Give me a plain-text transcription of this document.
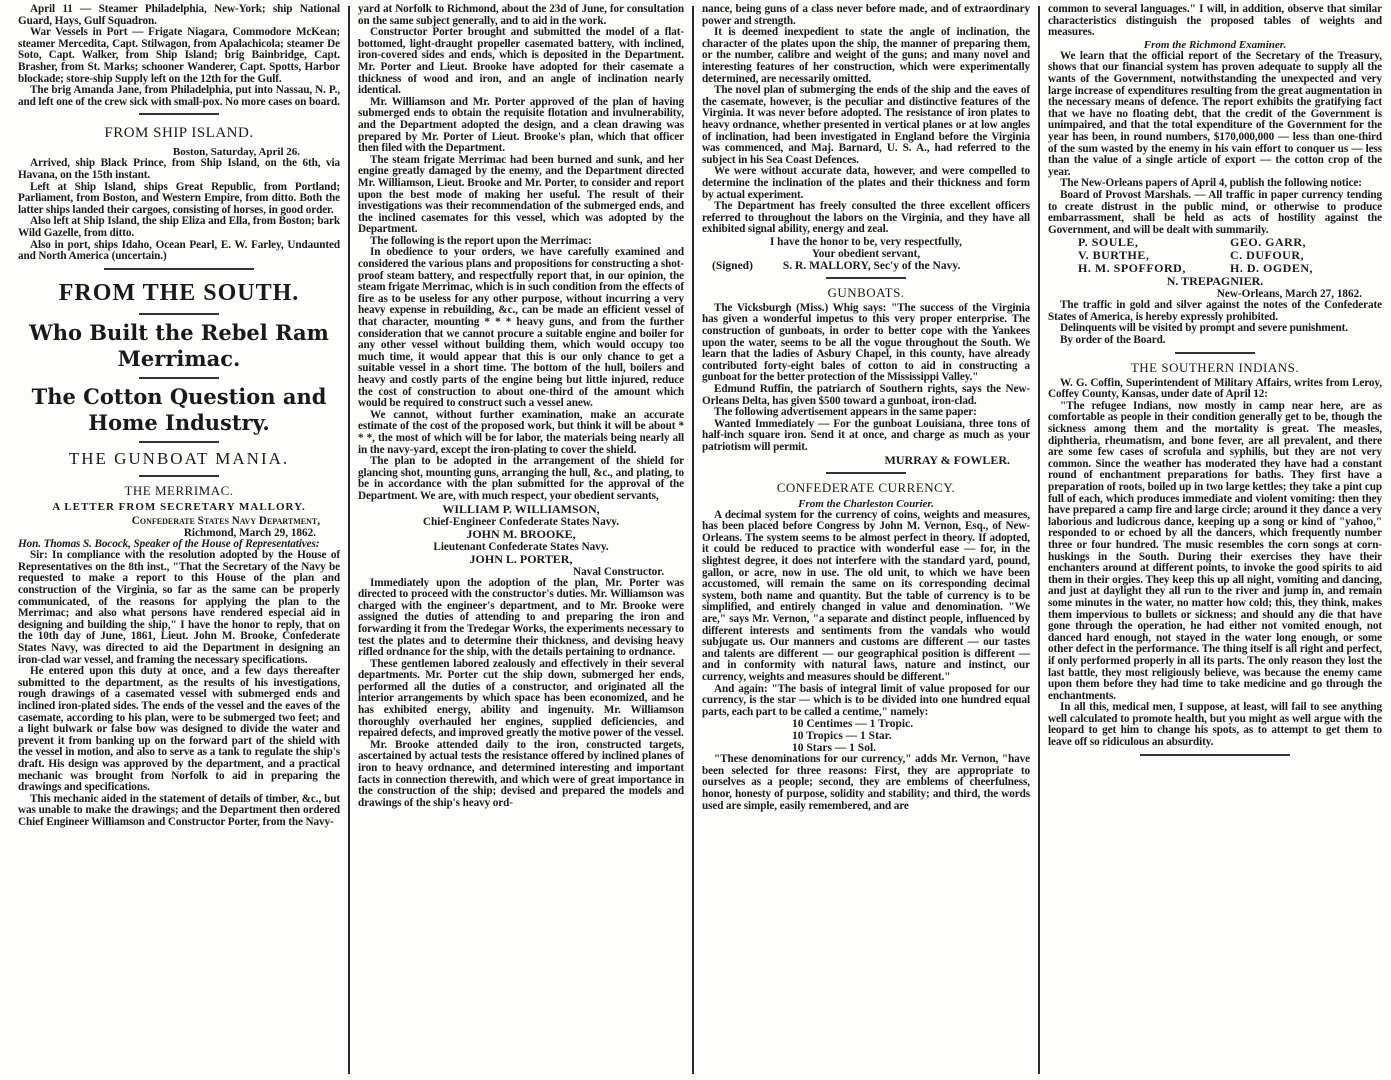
April 11 — Steamer Philadelphia, New-York; ship National Guard, Hays, Gulf Squadron.

War Vessels in Port — Frigate Niagara, Commodore McKean; steamer Mercedita, Capt. Stilwagon, from Apalachicola; steamer De Soto, Capt. Walker, from Ship Island; brig Bainbridge, Capt. Brasher, from St. Marks; schooner Wanderer, Capt. Spotts, Harbor blockade; store-ship Supply left on the 12th for the Gulf.

The brig Amanda Jane, from Philadelphia, put into Nassau, N. P., and left one of the crew sick with small-pox. No more cases on board.

FROM SHIP ISLAND.
Boston, Saturday, April 26.

Arrived, ship Black Prince, from Ship Island, on the 6th, via Havana, on the 15th instant.

Left at Ship Island, ships Great Republic, from Portland; Parliament, from Boston, and Western Empire, from ditto. Both the latter ships landed their cargoes, consisting of horses, in good order.

Also left at Ship Island, the ship Eliza and Ella, from Boston; bark Wild Gazelle, from ditto.

Also in port, ships Idaho, Ocean Pearl, E. W. Farley, Undaunted and North America (uncertain.)

FROM THE SOUTH.
Who Built the Rebel Ram Merrimac.
The Cotton Question and Home Industry.
THE GUNBOAT MANIA.
THE MERRIMAC.
A LETTER FROM SECRETARY MALLORY.
Confederate States Navy Department,
Richmond, March 29, 1862.

Hon. Thomas S. Bocock, Speaker of the House of Representatives:

Sir: In compliance with the resolution adopted by the House of Representatives on the 8th inst., "That the Secretary of the Navy be requested to make a report to this House of the plan and construction of the Virginia, so far as the same can be properly communicated, of the reasons for applying the plan to the Merrimac; and also what persons have rendered especial aid in designing and building the ship," I have the honor to reply, that on the 10th day of June, 1861, Lieut. John M. Brooke, Confederate States Navy, was directed to aid the Department in designing an iron-clad war vessel, and framing the necessary specifications.

He entered upon this duty at once, and a few days thereafter submitted to the department, as the results of his investigations, rough drawings of a casemated vessel with submerged ends and inclined iron-plated sides. The ends of the vessel and the eaves of the casemate, according to his plan, were to be submerged two feet; and a light bulwark or false bow was designed to divide the water and prevent it from banking up on the forward part of the shield with the vessel in motion, and also to serve as a tank to regulate the ship's draft. His design was approved by the department, and a practical mechanic was brought from Norfolk to aid in preparing the drawings and specifications.

This mechanic aided in the statement of details of timber, &c., but was unable to make the drawings; and the Department then ordered Chief Engineer Williamson and Constructor Porter, from the Navy-

yard at Norfolk to Richmond, about the 23d of June, for consultation on the same subject generally, and to aid in the work.

Constructor Porter brought and submitted the model of a flat-bottomed, light-draught propeller casemated battery, with inclined, iron-covered sides and ends, which is deposited in the Department. Mr. Porter and Lieut. Brooke have adopted for their casemate a thickness of wood and iron, and an angle of inclination nearly identical.

Mr. Williamson and Mr. Porter approved of the plan of having submerged ends to obtain the requisite flotation and invulnerability, and the Department adopted the design, and a clean drawing was prepared by Mr. Porter of Lieut. Brooke's plan, which that officer then filed with the Department.

The steam frigate Merrimac had been burned and sunk, and her engine greatly damaged by the enemy, and the Department directed Mr. Williamson, Lieut. Brooke and Mr. Porter, to consider and report upon the best mode of making her useful. The result of their investigations was their recommendation of the submerged ends, and the inclined casemates for this vessel, which was adopted by the Department.

The following is the report upon the Merrimac:

In obedience to your orders, we have carefully examined and considered the various plans and propositions for constructing a shot-proof steam battery, and respectfully report that, in our opinion, the steam frigate Merrimac, which is in such condition from the effects of fire as to be useless for any other purpose, without incurring a very heavy expense in rebuilding, &c., can be made an efficient vessel of that character, mounting * * * heavy guns, and from the further consideration that we cannot procure a suitable engine and boiler for any other vessel without building them, which would occupy too much time, it would appear that this is our only chance to get a suitable vessel in a short time. The bottom of the hull, boilers and heavy and costly parts of the engine being but little injured, reduce the cost of construction to about one-third of the amount which would be required to construct such a vessel anew.

We cannot, without further examination, make an accurate estimate of the cost of the proposed work, but think it will be about * * *, the most of which will be for labor, the materials being nearly all in the navy-yard, except the iron-plating to cover the shield.

The plan to be adopted in the arrangement of the shield for glancing shot, mounting guns, arranging the hull, &c., and plating, to be in accordance with the plan submitted for the approval of the Department. We are, with much respect, your obedient servants,

WILLIAM P. WILLIAMSON,
Chief-Engineer Confederate States Navy.
JOHN M. BROOKE,
Lieutenant Confederate States Navy.
JOHN L. PORTER,
Naval Constructor.

Immediately upon the adoption of the plan, Mr. Porter was directed to proceed with the constructor's duties. Mr. Williamson was charged with the engineer's department, and to Mr. Brooke were assigned the duties of attending to and preparing the iron and forwarding it from the Tredegar Works, the experiments necessary to test the plates and to determine their thickness, and devising heavy rifled ordnance for the ship, with the details pertaining to ordnance.

These gentlemen labored zealously and effectively in their several departments. Mr. Porter cut the ship down, submerged her ends, performed all the duties of a constructor, and originated all the interior arrangements by which space has been economized, and he has exhibited energy, ability and ingenuity. Mr. Williamson thoroughly overhauled her engines, supplied deficiencies, and repaired defects, and improved greatly the motive power of the vessel.

Mr. Brooke attended daily to the iron, constructed targets, ascertained by actual tests the resistance offered by inclined planes of iron to heavy ordnance, and determined interesting and important facts in connection therewith, and which were of great importance in the construction of the ship; devised and prepared the models and drawings of the ship's heavy ord-

nance, being guns of a class never before made, and of extraordinary power and strength.

It is deemed inexpedient to state the angle of inclination, the character of the plates upon the ship, the manner of preparing them, or the number, calibre and weight of the guns; and many novel and interesting features of her construction, which were experimentally determined, are necessarily omitted.

The novel plan of submerging the ends of the ship and the eaves of the casemate, however, is the peculiar and distinctive features of the Virginia. It was never before adopted. The resistance of iron plates to heavy ordnance, whether presented in vertical planes or at low angles of inclination, had been investigated in England before the Virginia was commenced, and Maj. Barnard, U. S. A., had referred to the subject in his Sea Coast Defences.

We were without accurate data, however, and were compelled to determine the inclination of the plates and their thickness and form by actual experiment.

The Department has freely consulted the three excellent officers referred to throughout the labors on the Virginia, and they have all exhibited signal ability, energy and zeal.

I have the honor to be, very respectfully,
Your obedient servant,
(Signed)	S. R. MALLORY, Sec'y of the Navy.
GUNBOATS.

The Vicksburgh (Miss.) Whig says: "The success of the Virginia has given a wonderful impetus to this very proper enterprise. The construction of gunboats, in order to better cope with the Yankees upon the water, seems to be all the vogue throughout the South. We learn that the ladies of Asbury Chapel, in this county, have already contributed forty-eight bales of cotton to aid in constructing a gunboat for the better protection of the Mississippi Valley."

Edmund Ruffin, the patriarch of Southern rights, says the New-Orleans Delta, has given $500 toward a gunboat, iron-clad.

The following advertisement appears in the same paper:

Wanted Immediately — For the gunboat Louisiana, three tons of half-inch square iron. Send it at once, and charge as much as your patriotism will permit.

MURRAY & FOWLER.
CONFEDERATE CURRENCY.
From the Charleston Courier.

A decimal system for the currency of coins, weights and measures, has been placed before Congress by John M. Vernon, Esq., of New-Orleans. The system seems to be almost perfect in theory. If adopted, it could be reduced to practice with wonderful ease — for, in the slightest degree, it does not interfere with the standard yard, pound, gallon, or acre, now in use. The old unit, to which we have been accustomed, will remain the same on its corresponding decimal system, both name and quantity. But the table of currency is to be simplified, and entirely changed in value and denomination. "We are," says Mr. Vernon, "a separate and distinct people, influenced by different interests and sentiments from the vandals who would subjugate us. Our manners and customs are different — our tastes and talents are different — our geographical position is different — and in conformity with natural laws, nature and instinct, our currency, weights and measures should be different."

And again: "The basis of integral limit of value proposed for our currency, is the star — which is to be divided into one hundred equal parts, each part to be called a centime," namely:

10 Centimes — 1 Tropic.
10 Tropics — 1 Star.
10 Stars — 1 Sol.

"These denominations for our currency," adds Mr. Vernon, "have been selected for three reasons: First, they are appropriate to ourselves as a people; second, they are emblems of cheerfulness, honor, honesty of purpose, solidity and stability; and third, the words used are simple, easily remembered, and are

common to several languages." I will, in addition, observe that similar characteristics distinguish the proposed tables of weights and measures.

From the Richmond Examiner.

We learn that the official report of the Secretary of the Treasury, shows that our financial system has proven adequate to supply all the wants of the Government, notwithstanding the unexpected and very large increase of expenditures resulting from the great augmentation in the necessary means of defence. The report exhibits the gratifying fact that we have no floating debt, that the credit of the Government is unimpaired, and that the total expenditure of the Government for the year has been, in round numbers, $170,000,000 — less than one-third of the sum wasted by the enemy in his vain effort to conquer us — less than the value of a single article of export — the cotton crop of the year.

The New-Orleans papers of April 4, publish the following notice:

Board of Provost Marshals. — All traffic in paper currency tending to create distrust in the public mind, or otherwise to produce embarrassment, shall be held as acts of hostility against the Government, and will be dealt with summarily.

P. SOULE,	GEO. GARR,
V. BURTHE,	C. DUFOUR,
H. M. SPOFFORD,	H. D. OGDEN,
N. TREPAGNIER.
New-Orleans, March 27, 1862.

The traffic in gold and silver against the notes of the Confederate States of America, is hereby expressly prohibited.

Delinquents will be visited by prompt and severe punishment.

By order of the Board.

THE SOUTHERN INDIANS.

W. G. Coffin, Superintendent of Military Affairs, writes from Leroy, Coffey County, Kansas, under date of April 12:

"The refugee Indians, now mostly in camp near here, are as comfortable as people in their condition generally get to be, though the sickness among them and the mortality is great. The measles, diphtheria, rheumatism, and bone fever, are all prevalent, and there are some few cases of scrofula and syphilis, but they are not very common. Since the weather has moderated they have had a constant round of enchantment preparations for baths. They first have a preparation of roots, boiled up in two large kettles; they take a pint cup full of each, which produces immediate and violent vomiting: then they have prepared a camp fire and large circle; around it they dance a very laborious and ludicrous dance, keeping up a song or kind of "yahoo," responded to or echoed by all the dancers, which frequently number three or four hundred. The music resembles the corn songs at corn-huskings in the South. During their exercises they have their enchanters around at different points, to invoke the good spirits to aid them in their orgies. They keep this up all night, vomiting and dancing, and just at daylight they all run to the river and jump in, and remain some minutes in the water, no matter how cold; this, they think, makes them impervious to bullets or sickness; and should any die that have gone through the operation, he had either not vomited enough, not danced hard enough, not stayed in the water long enough, or some other defect in the performance. The thing itself is all right and perfect, if only performed properly in all its parts. The only reason they lost the last battle, they most religiously believe, was because the enemy came upon them before they had time to take medicine and go through the enchantments.

In all this, medical men, I suppose, at least, will fail to see anything well calculated to promote health, but you might as well argue with the leopard to get him to change his spots, as to attempt to get them to leave off so ridiculous an absurdity.
